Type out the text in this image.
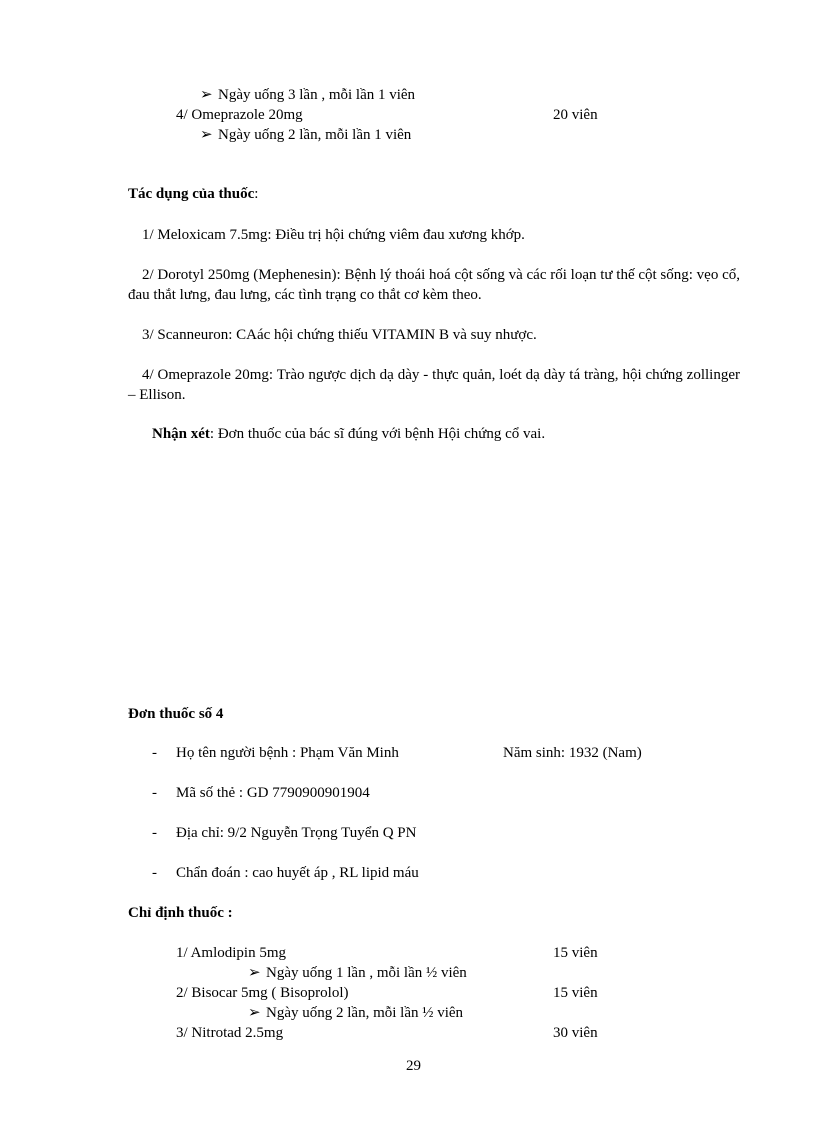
➢ Ngày uống 3 lần , mỗi lần 1 viên
4/ Omeprazole 20mg	20 viên
➢ Ngày uống 2 lần, mỗi lần 1 viên
Tác dụng của thuốc:
1/ Meloxicam 7.5mg: Điều trị hội chứng viêm đau xương khớp.
2/ Dorotyl 250mg (Mephenesin): Bệnh lý thoái hoá cột sống và các rối loạn tư thế cột sống: vẹo cổ, đau thắt lưng, đau lưng, các tình trạng co thắt cơ kèm theo.
3/ Scanneuron: CAác hội chứng thiếu VITAMIN B và suy nhược.
4/ Omeprazole 20mg: Trào ngược dịch dạ dày - thực quản, loét dạ dày tá tràng, hội chứng zollinger – Ellison.
Nhận xét: Đơn thuốc của bác sĩ đúng với bệnh Hội chứng cổ vai.
Đơn thuốc số 4
- Họ tên người bệnh : Phạm Văn Minh	Năm sinh: 1932 (Nam)
- Mã số thẻ : GD 7790900901904
- Địa chỉ: 9/2 Nguyễn Trọng Tuyển Q PN
- Chẩn đoán : cao huyết áp , RL lipid máu
Chỉ định thuốc :
1/ Amlodipin 5mg	15 viên
➢ Ngày uống 1 lần , mỗi lần ½ viên
2/ Bisocar 5mg ( Bisoprolol)	15 viên
➢ Ngày uống 2 lần, mỗi lần ½ viên
3/ Nitrotad 2.5mg	30 viên
29
